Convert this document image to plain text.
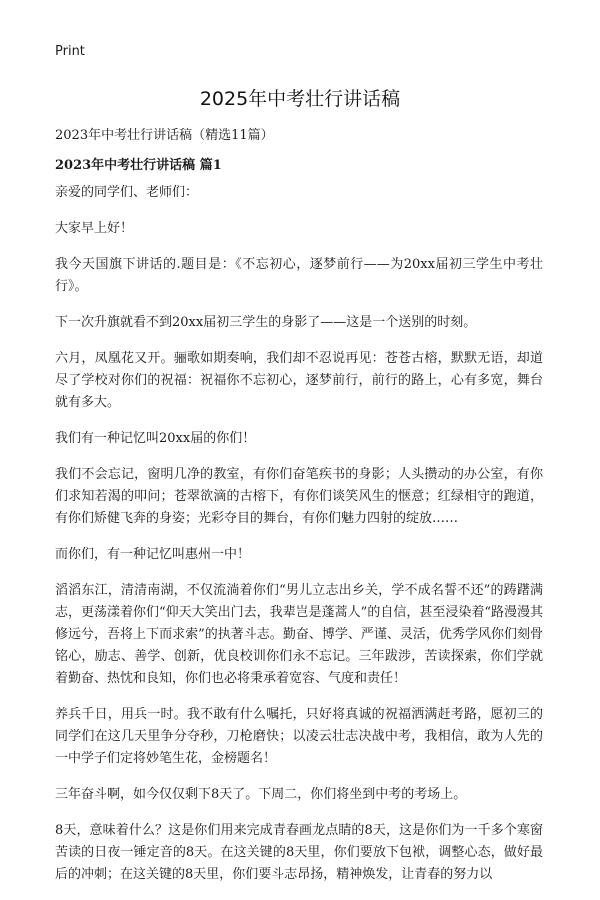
Print
2025年中考壮行讲话稿

2023年中考壮行讲话稿（精选11篇）

2023年中考壮行讲话稿 篇1

亲爱的同学们、老师们：

大家早上好！

我今天国旗下讲话的.题目是：《不忘初心，逐梦前行——为20xx届初三学生中考壮行》。

下一次升旗就看不到20xx届初三学生的身影了——这是一个送别的时刻。

六月，凤凰花又开。骊歌如期奏响，我们却不忍说再见：苍苍古榕，默默无语，却道尽了学校对你们的祝福：祝福你不忘初心，逐梦前行，前行的路上，心有多宽，舞台就有多大。

我们有一种记忆叫20xx届的你们！

我们不会忘记，窗明几净的教室，有你们奋笔疾书的身影；人头攒动的办公室，有你们求知若渴的叩问；苍翠欲滴的古榕下，有你们谈笑风生的惬意；红绿相守的跑道，有你们矫健飞奔的身姿；光彩夺目的舞台，有你们魅力四射的绽放……

而你们，有一种记忆叫惠州一中！

滔滔东江，清清南湖，不仅流淌着你们“男儿立志出乡关，学不成名誓不还”的踌躇满志，更荡漾着你们“仰天大笑出门去，我辈岂是蓬蒿人”的自信，甚至浸染着“路漫漫其修远兮，吾将上下而求索”的执著斗志。勤奋、博学、严谨、灵活，优秀学风你们刻骨铭心，励志、善学、创新，优良校训你们永不忘记。三年跋涉，苦读探索，你们学就着勤奋、热忱和良知，你们也必将秉承着宽容、气度和责任！

养兵千日，用兵一时。我不敢有什么嘱托，只好将真诚的祝福洒满赶考路，愿初三的同学们在这几天里争分夺秒，刀枪磨快；以凌云壮志决战中考，我相信，敢为人先的一中学子们定将妙笔生花，金榜题名！

三年奋斗啊，如今仅仅剩下8天了。下周二，你们将坐到中考的考场上。

8天，意味着什么？这是你们用来完成青春画龙点睛的8天，这是你们为一千多个寒窗苦读的日夜一锤定音的8天。在这关键的8天里，你们要放下包袱，调整心态，做好最后的冲刺；在这关键的8天里，你们要斗志昂扬，精神焕发，让青春的努力以
